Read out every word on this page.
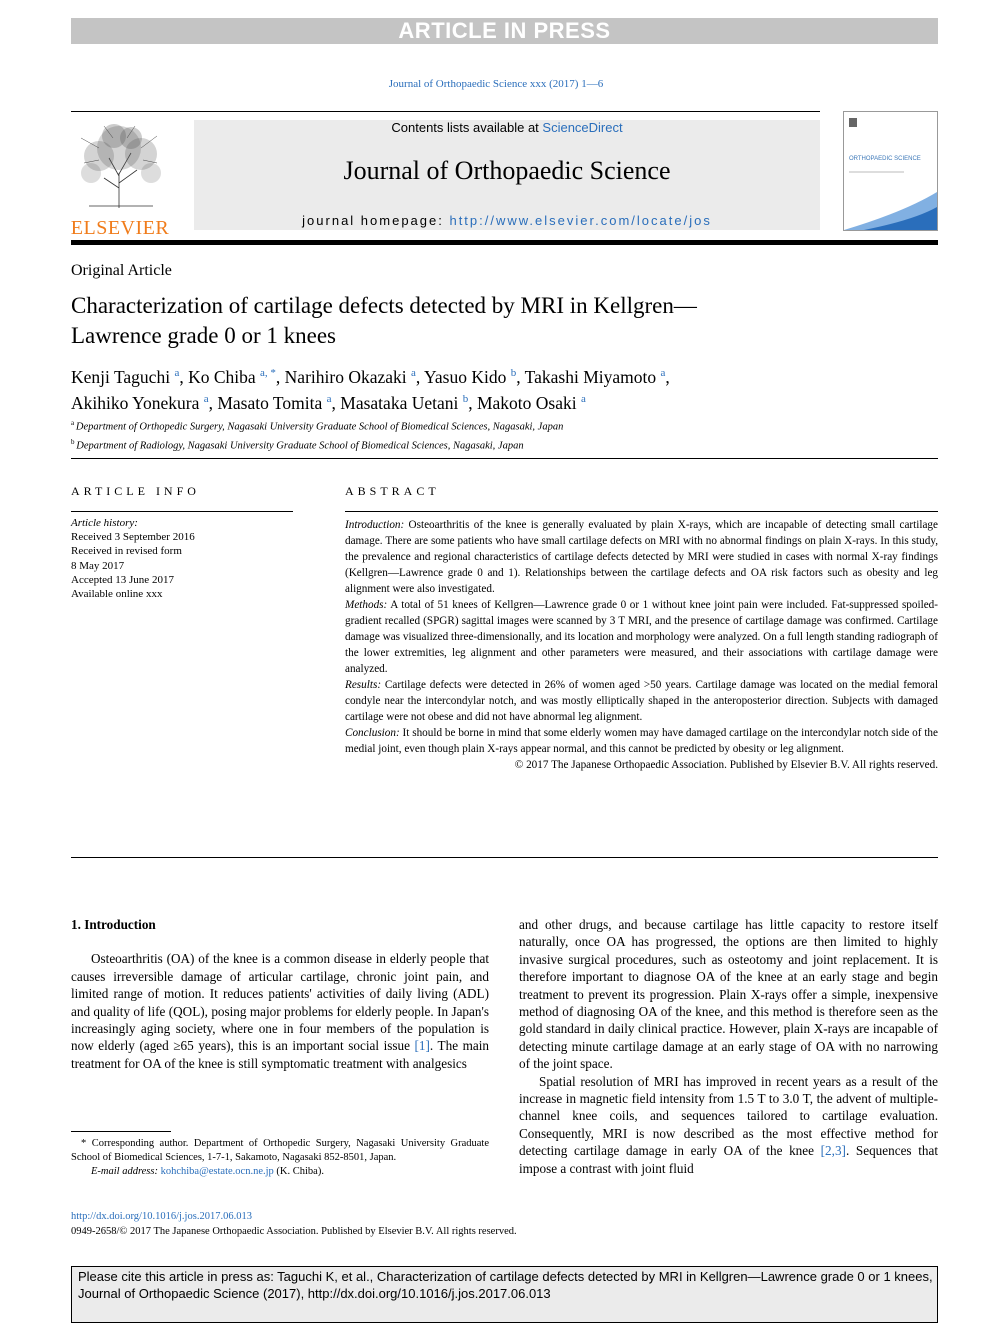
ARTICLE IN PRESS
Journal of Orthopaedic Science xxx (2017) 1—6
ELSEVIER
Contents lists available at ScienceDirect
Journal of Orthopaedic Science
journal homepage: http://www.elsevier.com/locate/jos
ORTHOPAEDIC SCIENCE
Original Article
Characterization of cartilage defects detected by MRI in Kellgren—Lawrence grade 0 or 1 knees
Kenji Taguchi $^a$, Ko Chiba $^{a, *}$, Narihiro Okazaki $^a$, Yasuo Kido $^b$, Takashi Miyamoto $^a$,
Akihiko Yonekura $^a$, Masato Tomita $^a$, Masataka Uetani $^b$, Makoto Osaki $^a$
$^a$ Department of Orthopedic Surgery, Nagasaki University Graduate School of Biomedical Sciences, Nagasaki, Japan
$^b$ Department of Radiology, Nagasaki University Graduate School of Biomedical Sciences, Nagasaki, Japan
ARTICLE INFO
Article history:
Received 3 September 2016
Received in revised form
8 May 2017
Accepted 13 June 2017
Available online xxx
ABSTRACT

Introduction: Osteoarthritis of the knee is generally evaluated by plain X-rays, which are incapable of detecting small cartilage damage. There are some patients who have small cartilage defects on MRI with no abnormal findings on plain X-rays. In this study, the prevalence and regional characteristics of cartilage defects detected by MRI were studied in cases with normal X-ray findings (Kellgren—Lawrence grade 0 and 1). Relationships between the cartilage defects and OA risk factors such as obesity and leg alignment were also investigated.

Methods: A total of 51 knees of Kellgren—Lawrence grade 0 or 1 without knee joint pain were included. Fat-suppressed spoiled-gradient recalled (SPGR) sagittal images were scanned by 3 T MRI, and the presence of cartilage damage was confirmed. Cartilage damage was visualized three-dimensionally, and its location and morphology were analyzed. On a full length standing radiograph of the lower extremities, leg alignment and other parameters were measured, and their associations with cartilage damage were analyzed.

Results: Cartilage defects were detected in 26% of women aged >50 years. Cartilage damage was located on the medial femoral condyle near the intercondylar notch, and was mostly elliptically shaped in the anteroposterior direction. Subjects with damaged cartilage were not obese and did not have abnormal leg alignment.

Conclusion: It should be borne in mind that some elderly women may have damaged cartilage on the intercondylar notch side of the medial joint, even though plain X-rays appear normal, and this cannot be predicted by obesity or leg alignment.

© 2017 The Japanese Orthopaedic Association. Published by Elsevier B.V. All rights reserved.

1. Introduction

Osteoarthritis (OA) of the knee is a common disease in elderly people that causes irreversible damage of articular cartilage, chronic joint pain, and limited range of motion. It reduces patients' activities of daily living (ADL) and quality of life (QOL), posing major problems for elderly people. In Japan's increasingly aging society, where one in four members of the population is now elderly (aged ≥65 years), this is an important social issue [1]. The main treatment for OA of the knee is still symptomatic treatment with analgesics

and other drugs, and because cartilage has little capacity to restore itself naturally, once OA has progressed, the options are then limited to highly invasive surgical procedures, such as osteotomy and joint replacement. It is therefore important to diagnose OA of the knee at an early stage and begin treatment to prevent its progression. Plain X-rays offer a simple, inexpensive method of diagnosing OA of the knee, and this method is therefore seen as the gold standard in daily clinical practice. However, plain X-rays are incapable of detecting minute cartilage damage at an early stage of OA with no narrowing of the joint space.

Spatial resolution of MRI has improved in recent years as a result of the increase in magnetic field intensity from 1.5 T to 3.0 T, the advent of multiple-channel knee coils, and sequences tailored to cartilage evaluation. Consequently, MRI is now described as the most effective method for detecting cartilage damage in early OA of the knee [2,3]. Sequences that impose a contrast with joint fluid

* Corresponding author. Department of Orthopedic Surgery, Nagasaki University Graduate School of Biomedical Sciences, 1-7-1, Sakamoto, Nagasaki 852-8501, Japan.
E-mail address: kohchiba@estate.ocn.ne.jp (K. Chiba).
http://dx.doi.org/10.1016/j.jos.2017.06.013
0949-2658/© 2017 The Japanese Orthopaedic Association. Published by Elsevier B.V. All rights reserved.
Please cite this article in press as: Taguchi K, et al., Characterization of cartilage defects detected by MRI in Kellgren—Lawrence grade 0 or 1 knees, Journal of Orthopaedic Science (2017), http://dx.doi.org/10.1016/j.jos.2017.06.013
